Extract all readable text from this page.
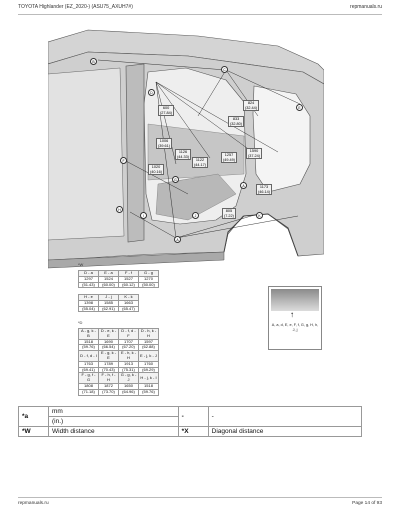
TOYOTA Highlander (EZ_2020-) (ASU75_AXUH7#)	repmanuals.ru
600
(27.84)
824
(32.44)
833
(32.80)
1006
(39.61)
1126
(44.33)
1122
(44.17)
1020
(40.16)
1257
(49.49)
1590
(37.24)
1173
(46.14)
805
(7.22)
B
C
D
E
F
G
H
I	J	K
A
A
*W
D - a	E - a	F - f	G - g
1297	1524	1527	1270
(51.43)	(60.00)	(60.12)	(50.00)
H - e	J - j	K - k
1398	1585	1663
(55.04)	(62.91)	(65.47)
*D
A - g, k - B	D - e, k - E	D - f, d - F	D - h, k - H
1518	1690	1707	1597
(59.76)	(66.54)	(67.20)	(62.88)
D - f, d - I	E - g, k - E	E - h, k - H	E - j, k - J
1763	1789	1913	1760
(69.41)	(70.43)	(75.31)	(69.29)
F - g, f - G	F - h, f - H	G - g, k - J	H - j, k - I
1808	1872	1650	1518
(71.18)	(73.70)	(64.96)	(59.76)
↑
A, a, d, E, e, F, f, G, g, H, h, J, j
*a	mm	-	-
	(in.)		
*W	Width distance	*X	Diagonal distance
repmanuals.ru	Page 14 of 93
